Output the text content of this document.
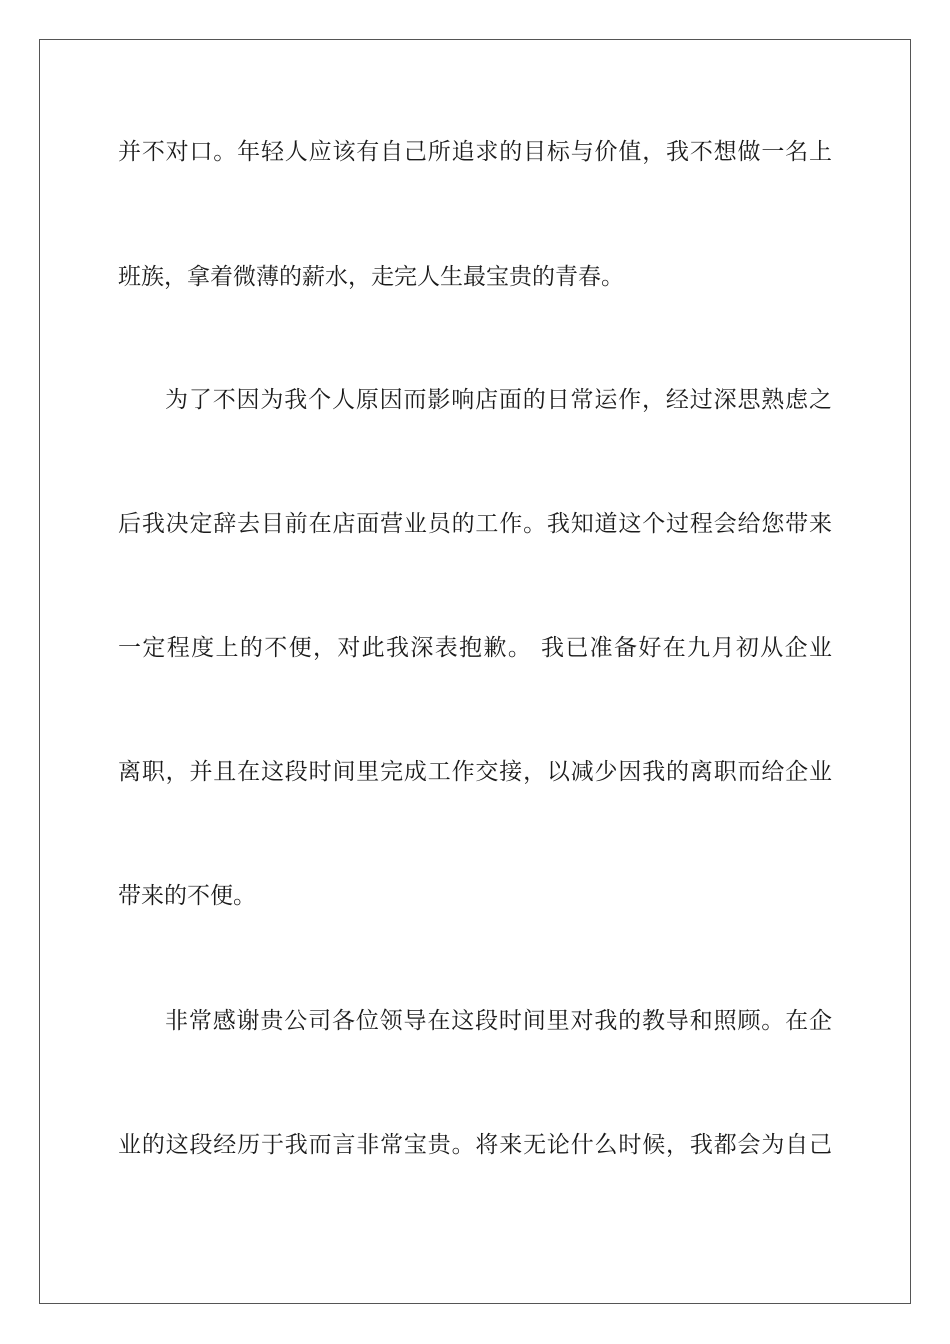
并不对口。年轻人应该有自己所追求的目标与价值，我不想做一名上
班族，拿着微薄的薪水，走完人生最宝贵的青春。
为了不因为我个人原因而影响店面的日常运作，经过深思熟虑之
后我决定辞去目前在店面营业员的工作。我知道这个过程会给您带来
一定程度上的不便，对此我深表抱歉。 我已准备好在九月初从企业
离职，并且在这段时间里完成工作交接，以减少因我的离职而给企业
带来的不便。
非常感谢贵公司各位领导在这段时间里对我的教导和照顾。在企
业的这段经历于我而言非常宝贵。将来无论什么时候，我都会为自己
